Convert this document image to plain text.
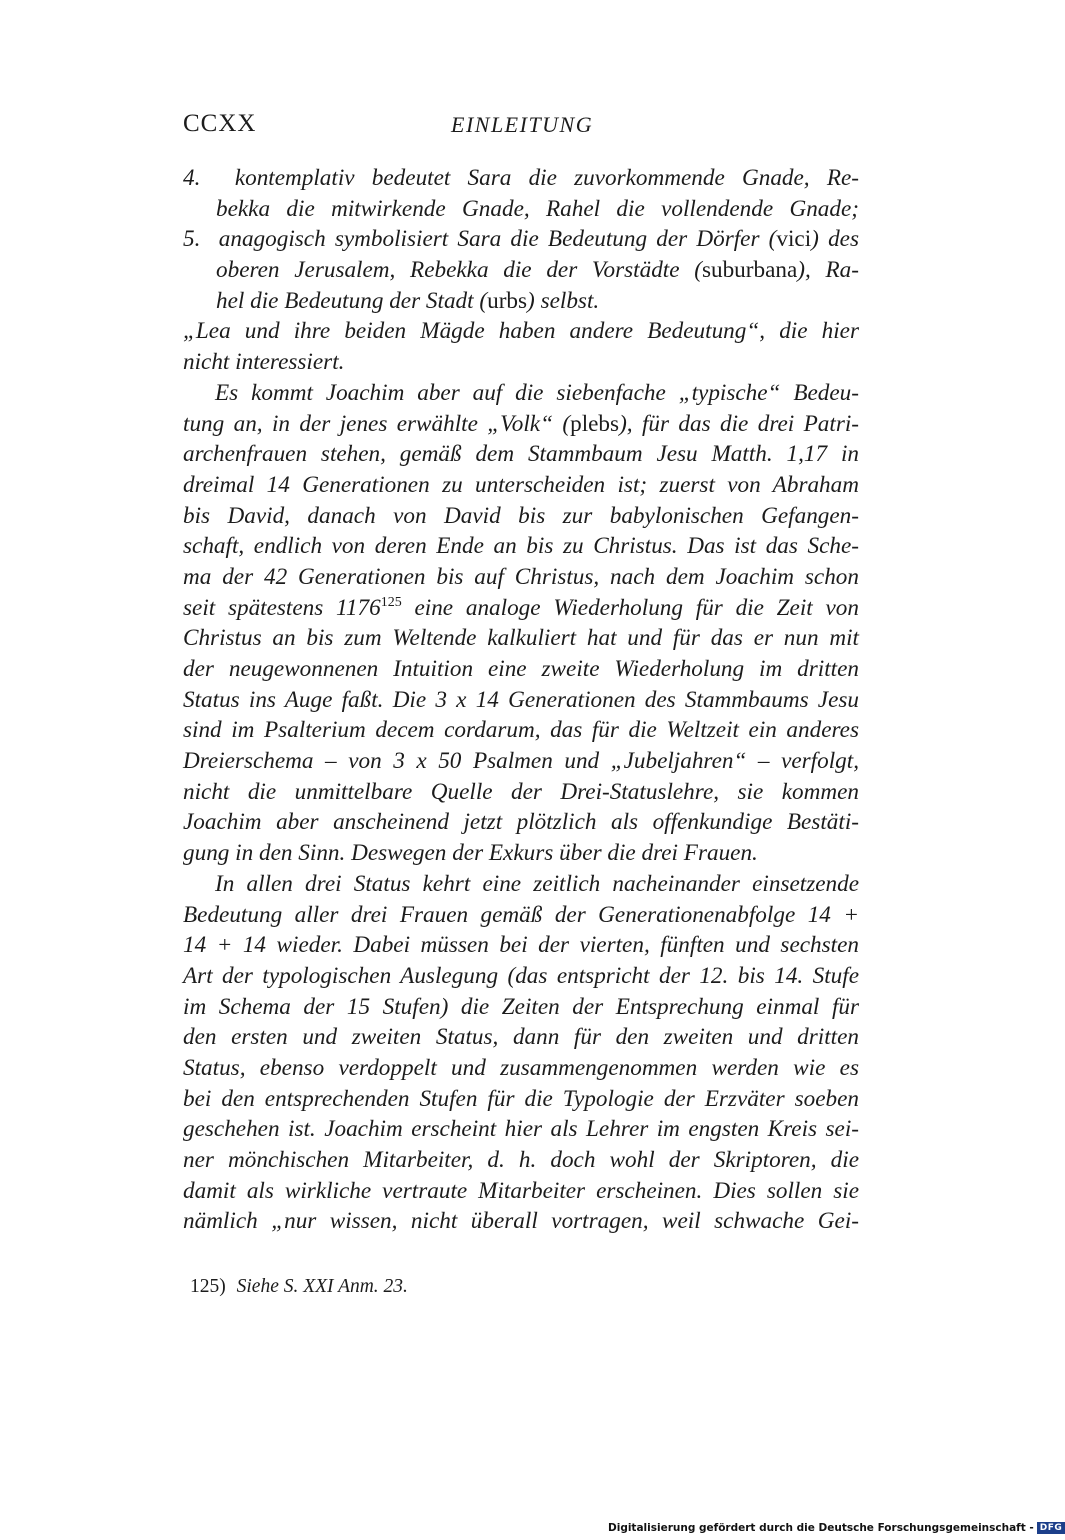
CCXX	EINLEITUNG
4.  kontemplativ bedeutet Sara die zuvorkommende Gnade, Re-
bekka die mitwirkende Gnade, Rahel die vollendende Gnade;
5.  anagogisch symbolisiert Sara die Bedeutung der Dörfer (vici) des
oberen Jerusalem, Rebekka die der Vorstädte (suburbana), Ra-
hel die Bedeutung der Stadt (urbs) selbst.
„Lea und ihre beiden Mägde haben andere Bedeutung“, die hier
nicht interessiert.
Es kommt Joachim aber auf die siebenfache „typische“ Bedeu-
tung an, in der jenes erwählte „Volk“ (plebs), für das die drei Patri-
archenfrauen stehen, gemäß dem Stammbaum Jesu Matth. 1,17 in
dreimal 14 Generationen zu unterscheiden ist; zuerst von Abraham
bis David, danach von David bis zur babylonischen Gefangen-
schaft, endlich von deren Ende an bis zu Christus. Das ist das Sche-
ma der 42 Generationen bis auf Christus, nach dem Joachim schon
seit spätestens 1176$^{125}$ eine analoge Wiederholung für die Zeit von
Christus an bis zum Weltende kalkuliert hat und für das er nun mit
der neugewonnenen Intuition eine zweite Wiederholung im dritten
Status ins Auge faßt. Die 3 x 14 Generationen des Stammbaums Jesu
sind im Psalterium decem cordarum, das für die Weltzeit ein anderes
Dreierschema – von 3 x 50 Psalmen und „Jubeljahren“ – verfolgt,
nicht die unmittelbare Quelle der Drei-Statuslehre, sie kommen
Joachim aber anscheinend jetzt plötzlich als offenkundige Bestäti-
gung in den Sinn. Deswegen der Exkurs über die drei Frauen.
In allen drei Status kehrt eine zeitlich nacheinander einsetzende
Bedeutung aller drei Frauen gemäß der Generationenabfolge 14 +
14 + 14 wieder. Dabei müssen bei der vierten, fünften und sechsten
Art der typologischen Auslegung (das entspricht der 12. bis 14. Stufe
im Schema der 15 Stufen) die Zeiten der Entsprechung einmal für
den ersten und zweiten Status, dann für den zweiten und dritten
Status, ebenso verdoppelt und zusammengenommen werden wie es
bei den entsprechenden Stufen für die Typologie der Erzväter soeben
geschehen ist. Joachim erscheint hier als Lehrer im engsten Kreis sei-
ner mönchischen Mitarbeiter, d. h. doch wohl der Skriptoren, die
damit als wirkliche vertraute Mitarbeiter erscheinen. Dies sollen sie
nämlich „nur wissen, nicht überall vortragen, weil schwache Gei-
125) Siehe S. XXI Anm. 23.
Digitalisierung gefördert durch die Deutsche Forschungsgemeinschaft - DFG
